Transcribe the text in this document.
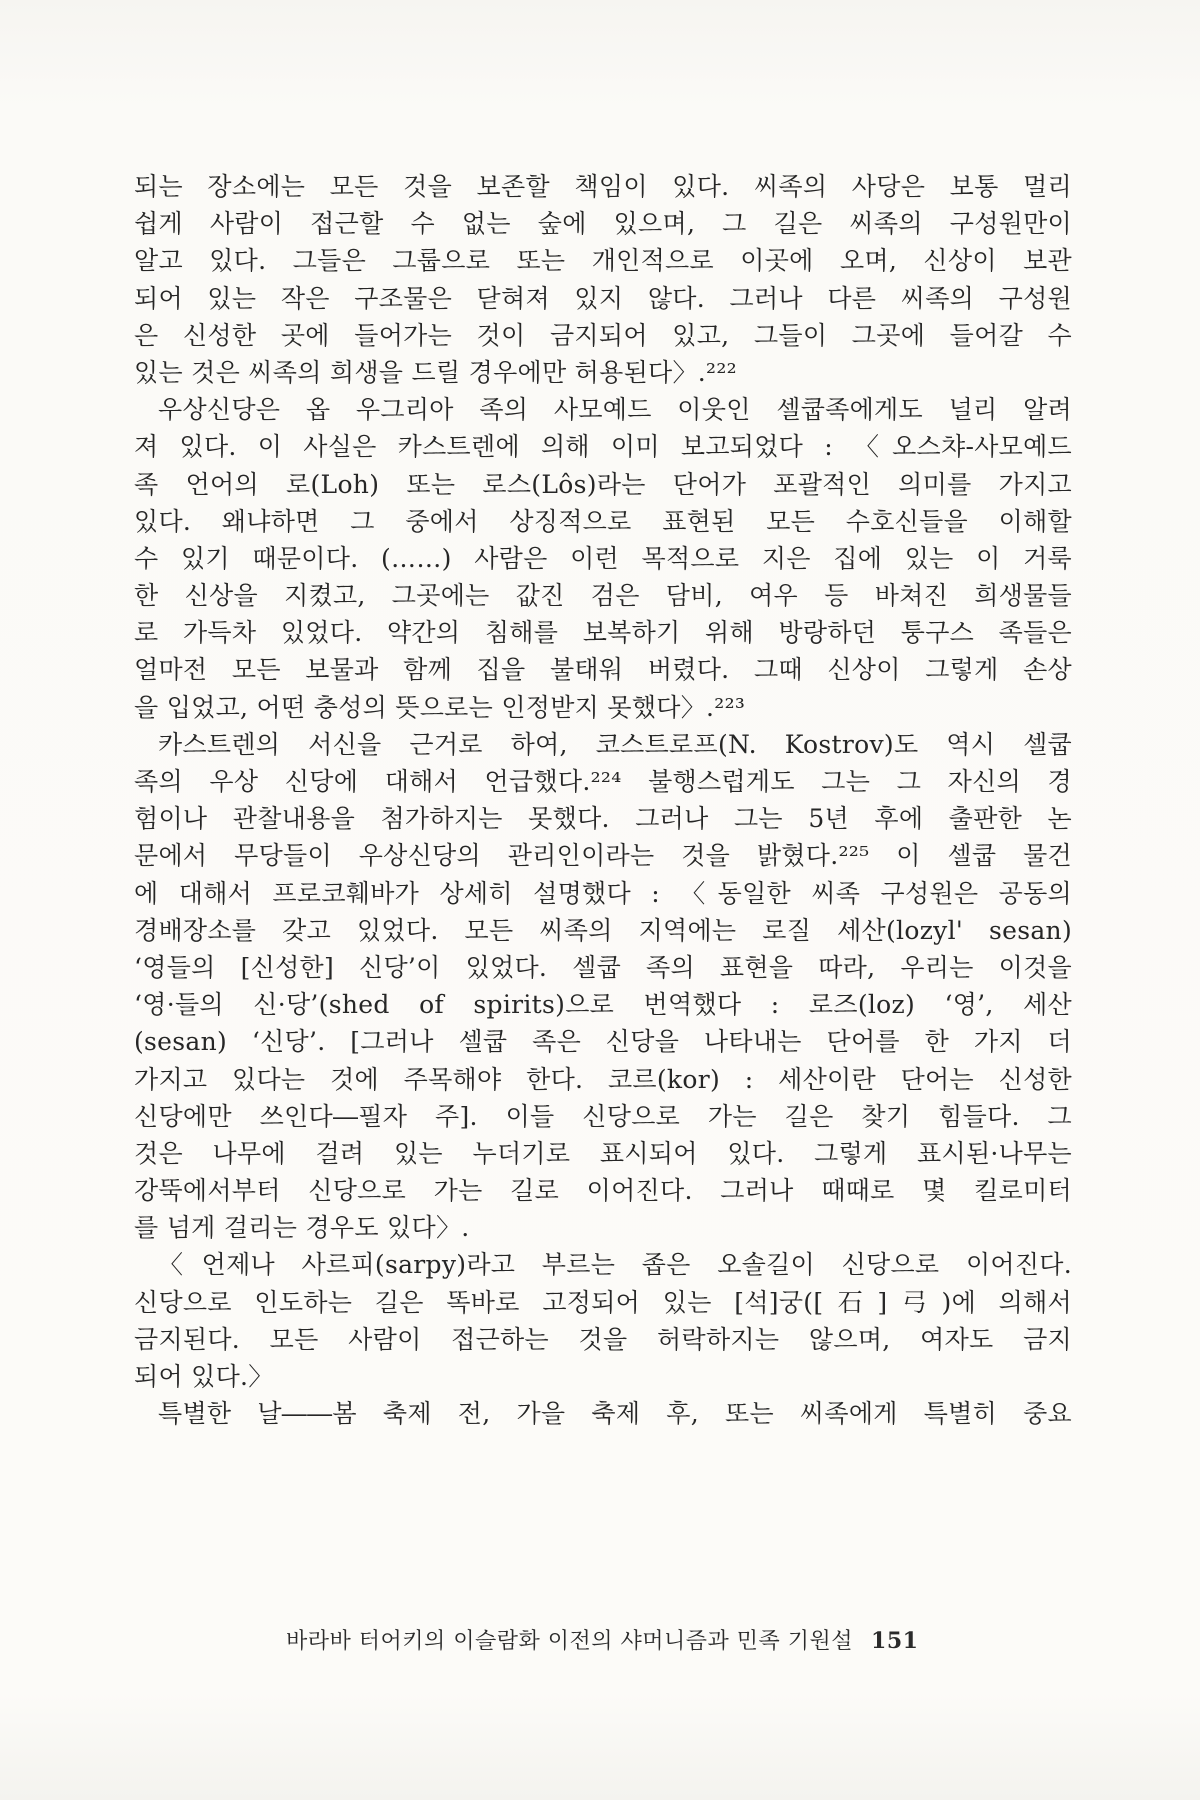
되는 장소에는 모든 것을 보존할 책임이 있다. 씨족의 사당은 보통 멀리
쉽게 사람이 접근할 수 없는 숲에 있으며, 그 길은 씨족의 구성원만이
알고 있다. 그들은 그룹으로 또는 개인적으로 이곳에 오며, 신상이 보관
되어 있는 작은 구조물은 닫혀져 있지 않다. 그러나 다른 씨족의 구성원
은 신성한 곳에 들어가는 것이 금지되어 있고, 그들이 그곳에 들어갈 수
있는 것은 씨족의 희생을 드릴 경우에만 허용된다〉.²²²
우상신당은 옵 우그리아 족의 사모예드 이웃인 셀쿱족에게도 널리 알려
져 있다. 이 사실은 카스트렌에 의해 이미 보고되었다 : 〈오스챠-사모예드
족 언어의 로(Loh) 또는 로스(Lôs)라는 단어가 포괄적인 의미를 가지고
있다. 왜냐하면 그 중에서 상징적으로 표현된 모든 수호신들을 이해할
수 있기 때문이다. (……) 사람은 이런 목적으로 지은 집에 있는 이 거룩
한 신상을 지켰고, 그곳에는 값진 검은 담비, 여우 등 바쳐진 희생물들
로 가득차 있었다. 약간의 침해를 보복하기 위해 방랑하던 퉁구스 족들은
얼마전 모든 보물과 함께 집을 불태워 버렸다. 그때 신상이 그렇게 손상
을 입었고, 어떤 충성의 뜻으로는 인정받지 못했다〉.²²³
카스트렌의 서신을 근거로 하여, 코스트로프(N. Kostrov)도 역시 셀쿱
족의 우상 신당에 대해서 언급했다.²²⁴ 불행스럽게도 그는 그 자신의 경
험이나 관찰내용을 첨가하지는 못했다. 그러나 그는 5년 후에 출판한 논
문에서 무당들이 우상신당의 관리인이라는 것을 밝혔다.²²⁵ 이 셀쿱 물건
에 대해서 프로코훼바가 상세히 설명했다 : 〈동일한 씨족 구성원은 공동의
경배장소를 갖고 있었다. 모든 씨족의 지역에는 로질 세산(lozyl' sesan)
‘영들의 [신성한] 신당’이 있었다. 셀쿱 족의 표현을 따라, 우리는 이것을
‘영·들의 신·당’(shed of spirits)으로 번역했다 : 로즈(loz) ‘영’, 세산
(sesan) ‘신당’. [그러나 셀쿱 족은 신당을 나타내는 단어를 한 가지 더
가지고 있다는 것에 주목해야 한다. 코르(kor) : 세산이란 단어는 신성한
신당에만 쓰인다―필자 주]. 이들 신당으로 가는 길은 찾기 힘들다. 그
것은 나무에 걸려 있는 누더기로 표시되어 있다. 그렇게 표시된·나무는
강뚝에서부터 신당으로 가는 길로 이어진다. 그러나 때때로 몇 킬로미터
를 넘게 걸리는 경우도 있다〉.
〈언제나 사르피(sarpy)라고 부르는 좁은 오솔길이 신당으로 이어진다.
신당으로 인도하는 길은 똑바로 고정되어 있는 [석]궁([石]弓)에 의해서
금지된다. 모든 사람이 접근하는 것을 허락하지는 않으며, 여자도 금지
되어 있다.〉
특별한 날――봄 축제 전, 가을 축제 후, 또는 씨족에게 특별히 중요
바라바 터어키의 이슬람화 이전의 샤머니즘과 민족 기원설 151
